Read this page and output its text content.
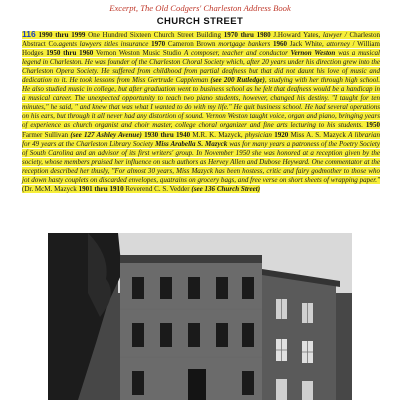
Excerpt, The Old Codgers' Charleston Address Book
CHURCH STREET

116 1990 thru 1999 One Hundred Sixteen Church Street Building 1970 thru 1980 J.Howard Yates, lawyer / Charleston Abstract Co.agents lawyers titles insurance 1970 Cameron Brown mortgage bankers 1960 Jack White, attorney / William Hodges 1950 thru 1960 Vernon Weston Music Studio A composer, teacher and conductor Vernon Weston was a musical legend in Charleston. He was founder of the Charleston Choral Society which, after 20 years under his direction grew into the Charleston Opera Society. He suffered from childhood from partial deafness but that did not daunt his love of music and dedication to it. He took lessons from Miss Gertrude Cappleman (see 200 Rutledge), studying with her through high school. He also studied music in college, but after graduation went to business school as he felt that deafness would be a handicap in a musical career. The unexpected opportunity to teach two piano students, however, changed his destiny. "I taught for ten minutes," he said, " and knew that was what I wanted to do with my life." He quit business school. He had several operations on his ears, but through it all never had any distortion of sound. Vernon Weston taught voice, organ and piano, bringing years of experience as church organist and choir master, college choral organizer and fine arts lecturing to his students. 1950 Farmer Sullivan (see 127 Ashley Avenue) 1930 thru 1940 M.R. K. Mazyck, physician 1920 Miss A. S. Mazyck A librarian for 49 years at the Charleston Library Society Miss Arabella S. Mazyck was for many years a patroness of the Poetry Society of South Carolina and an advisor of its first writers' group. In November 1950 she was honored at a reception given by the society, whose members praised her influence on such authors as Hervey Allen and Dubose Heyward. One commentator at the reception described her thusly, "For almost 30 years, Miss Mazyck has been hostess, critic and fairy godmother to those who jot down hasty couplets on discarded envelopes, quatrains on grocery bags, and free verse on short sheets of wrapping paper." (Dr. McM. Mazyck 1901 thru 1910 Reverend C. S. Vedder (see 136 Church Street)
